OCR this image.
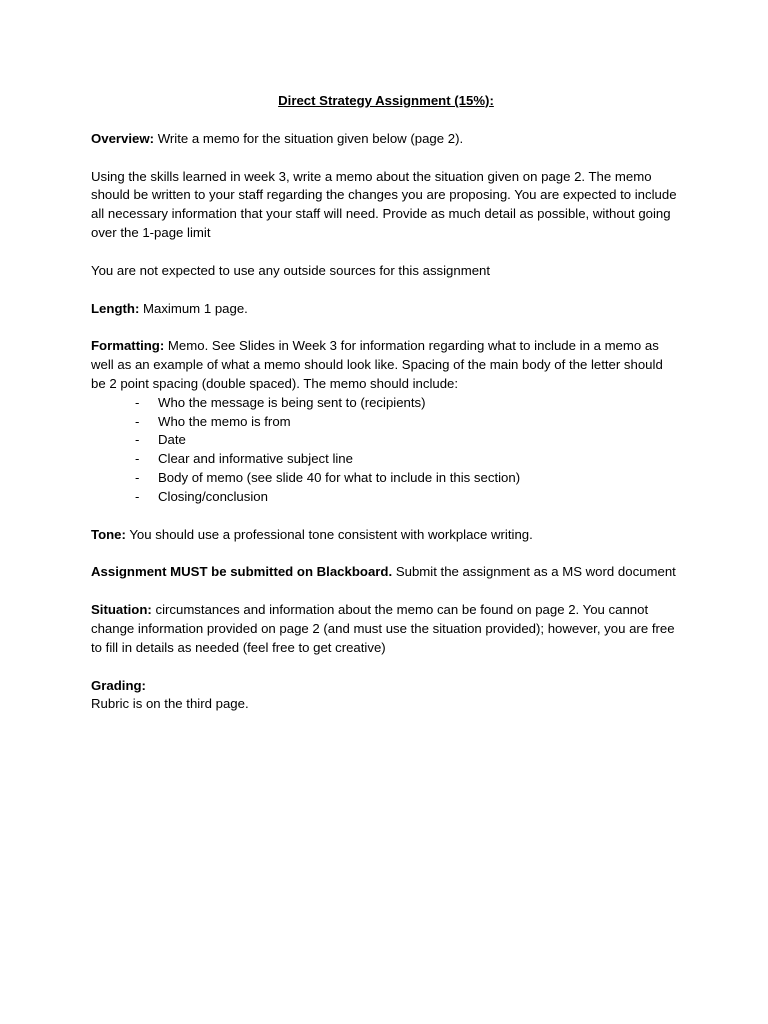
Direct Strategy Assignment (15%):

Overview: Write a memo for the situation given below (page 2).

Using the skills learned in week 3, write a memo about the situation given on page 2. The memo should be written to your staff regarding the changes you are proposing. You are expected to include all necessary information that your staff will need. Provide as much detail as possible, without going over the 1-page limit

You are not expected to use any outside sources for this assignment

Length: Maximum 1 page.

Formatting: Memo. See Slides in Week 3 for information regarding what to include in a memo as well as an example of what a memo should look like. Spacing of the main body of the letter should be 2 point spacing (double spaced). The memo should include:

- Who the message is being sent to (recipients)
- Who the memo is from
- Date
- Clear and informative subject line
- Body of memo (see slide 40 for what to include in this section)
- Closing/conclusion

Tone: You should use a professional tone consistent with workplace writing.

Assignment MUST be submitted on Blackboard. Submit the assignment as a MS word document

Situation: circumstances and information about the memo can be found on page 2. You cannot change information provided on page 2 (and must use the situation provided); however, you are free to fill in details as needed (feel free to get creative)

Grading:
Rubric is on the third page.
